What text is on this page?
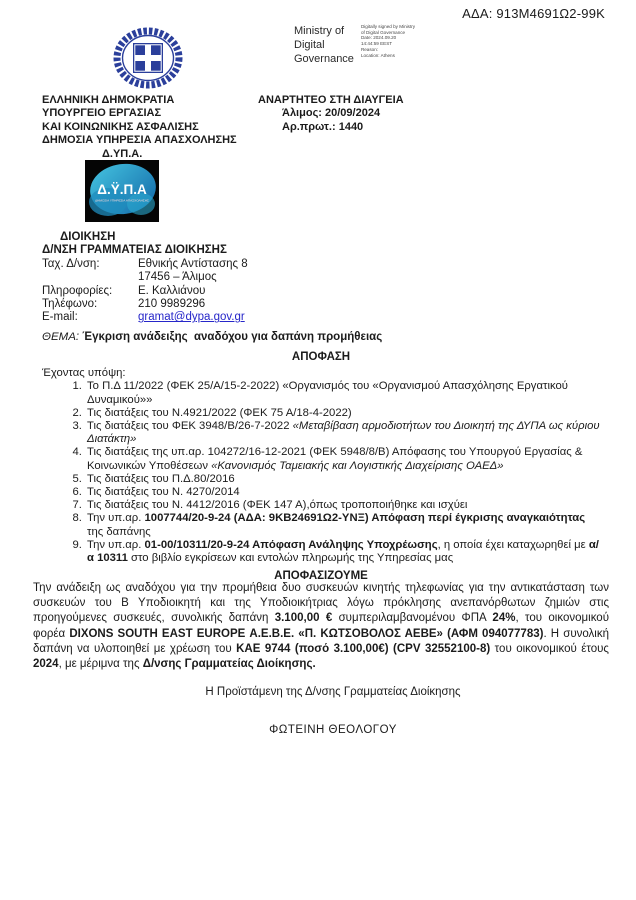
ΑΔΑ: 913Μ4691Ω2-99Κ
Ministry of
Digital
Governance
Digitally signed by Ministry
of Digital Governance
Date: 2024.09.20
14:44:59 EEST
Reason:
Location: Athens
ΕΛΛΗΝΙΚΗ ΔΗΜΟΚΡΑΤΙΑ
ΥΠΟΥΡΓΕΙΟ ΕΡΓΑΣΙΑΣ
ΚΑΙ ΚΟΙΝΩΝΙΚΗΣ ΑΣΦΑΛΙΣΗΣ
ΔΗΜΟΣΙΑ ΥΠΗΡΕΣΙΑ ΑΠΑΣΧΟΛΗΣΗΣ
Δ.ΥΠ.Α.
ΑΝΑΡΤΗΤΕΟ ΣΤΗ ΔΙΑΥΓΕΙΑ
Άλιμος: 20/09/2024
Αρ.πρωτ.: 1440
Δ.Ϋ.Π.Α
ΔΗΜΟΣΙΑ ΥΠΗΡΕΣΙΑ ΑΠΑΣΧΟΛΗΣΗΣ
ΔΙΟΙΚΗΣΗ
Δ/ΝΣΗ ΓΡΑΜΜΑΤΕΙΑΣ ΔΙΟΙΚΗΣΗΣ
Ταχ. Δ/νση:	Εθνικής Αντίστασης 8
17456 – Άλιμος
Πληροφορίες:	Ε. Καλλιάνου
Τηλέφωνο:	210 9989296
E-mail:	gramat@dypa.gov.gr
ΘΕΜΑ: Έγκριση ανάδειξης  αναδόχου για δαπάνη προμήθειας
ΑΠΟΦΑΣΗ

Έχοντας υπόψη:

1. Το Π.Δ 11/2022 (ΦΕΚ 25/Α/15-2-2022) «Οργανισμός του «Οργανισμού Απασχόλησης Εργατικού Δυναμικού»»
2. Τις διατάξεις του Ν.4921/2022 (ΦΕΚ 75 Α/18-4-2022)
3. Τις διατάξεις του ΦΕΚ 3948/Β/26-7-2022 «Μεταβίβαση αρμοδιοτήτων του Διοικητή της ΔΥΠΑ ως κύριου Διατάκτη»
4. Τις διατάξεις της υπ.αρ. 104272/16-12-2021 (ΦΕΚ 5948/8/Β) Απόφασης του Υπουργού Εργασίας & Κοινωνικών Υποθέσεων «Κανονισμός Ταμειακής και Λογιστικής Διαχείρισης ΟΑΕΔ»
5. Τις διατάξεις του Π.Δ.80/2016
6. Τις διατάξεις του Ν. 4270/2014
7. Τις διατάξεις του Ν. 4412/2016 (ΦΕΚ 147 Α),όπως τροποποιήθηκε και ισχύει
8. Την υπ.αρ. 1007744/20-9-24 (ΑΔΑ: 9ΚΒ24691Ω2-ΥΝΞ) Απόφαση περί έγκρισης αναγκαιότητας της δαπάνης
9. Την υπ.αρ. 01-00/10311/20-9-24 Απόφαση Ανάληψης Υποχρέωσης, η οποία έχει καταχωρηθεί με α/α 10311 στο βιβλίο εγκρίσεων και εντολών πληρωμής της Υπηρεσίας μας
ΑΠΟΦΑΣΙΖΟΥΜΕ

Την ανάδειξη ως αναδόχου για την προμήθεια δυο συσκευών κινητής τηλεφωνίας για την αντικατάσταση των συσκευών του Β Υποδιοικητή και της Υποδιοικήτριας λόγω πρόκλησης ανεπανόρθωτων ζημιών στις προηγούμενες συσκευές, συνολικής δαπάνη 3.100,00 € συμπεριλαμβανομένου ΦΠΑ 24%, του οικονομικού φορέα DIXONS SOUTH EAST EUROPE Α.Ε.Β.Ε. «Π. ΚΩΤΣΟΒΟΛΟΣ ΑΕΒΕ» (ΑΦΜ 094077783). Η συνολική δαπάνη να υλοποιηθεί με χρέωση του ΚΑΕ 9744 (ποσό 3.100,00€) (CPV 32552100-8) του οικονομικού έτους 2024, με μέριμνα της Δ/νσης Γραμματείας Διοίκησης.

Η Προϊστάμενη της Δ/νσης Γραμματείας Διοίκησης
ΦΩΤΕΙΝΗ ΘΕΟΛΟΓΟΥ
